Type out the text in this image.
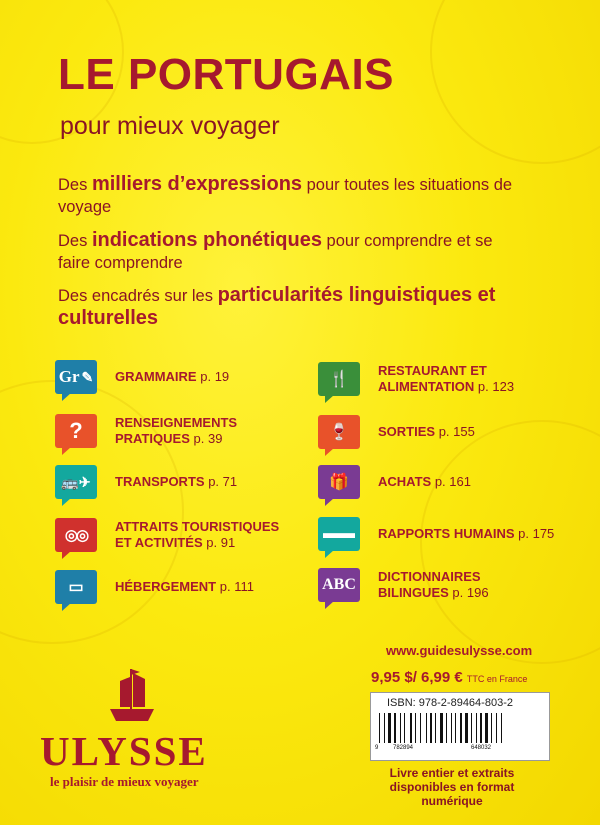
LE PORTUGAIS
pour mieux voyager
Des milliers d’expressions pour toutes les situations de voyage
Des indications phonétiques pour comprendre et se faire comprendre
Des encadrés sur les particularités linguistiques et culturelles
Gr ✎ GRAMMAIRE p. 19
?	RENSEIGNEMENTS PRATIQUES p. 39
🚌✈	TRANSPORTS p. 71
◎◎
ATTRAITS TOURISTIQUES ET ACTIVITÉS p. 91
▭	HÉBERGEMENT p. 111
🍴
RESTAURANT ET ALIMENTATION p. 123
🍷	SORTIES p. 155
🎁	ACHATS p. 161
▬▬	RAPPORTS HUMAINS p. 175
ABC	DICTIONNAIRES BILINGUES p. 196
ULYSSE
le plaisir de mieux voyager
www.guidesulysse.com
9,95 $/ 6,99 € TTC en France
ISBN: 978-2-89464-803-2
9 782894	648032
Livre entier et extraits disponibles en format numérique
